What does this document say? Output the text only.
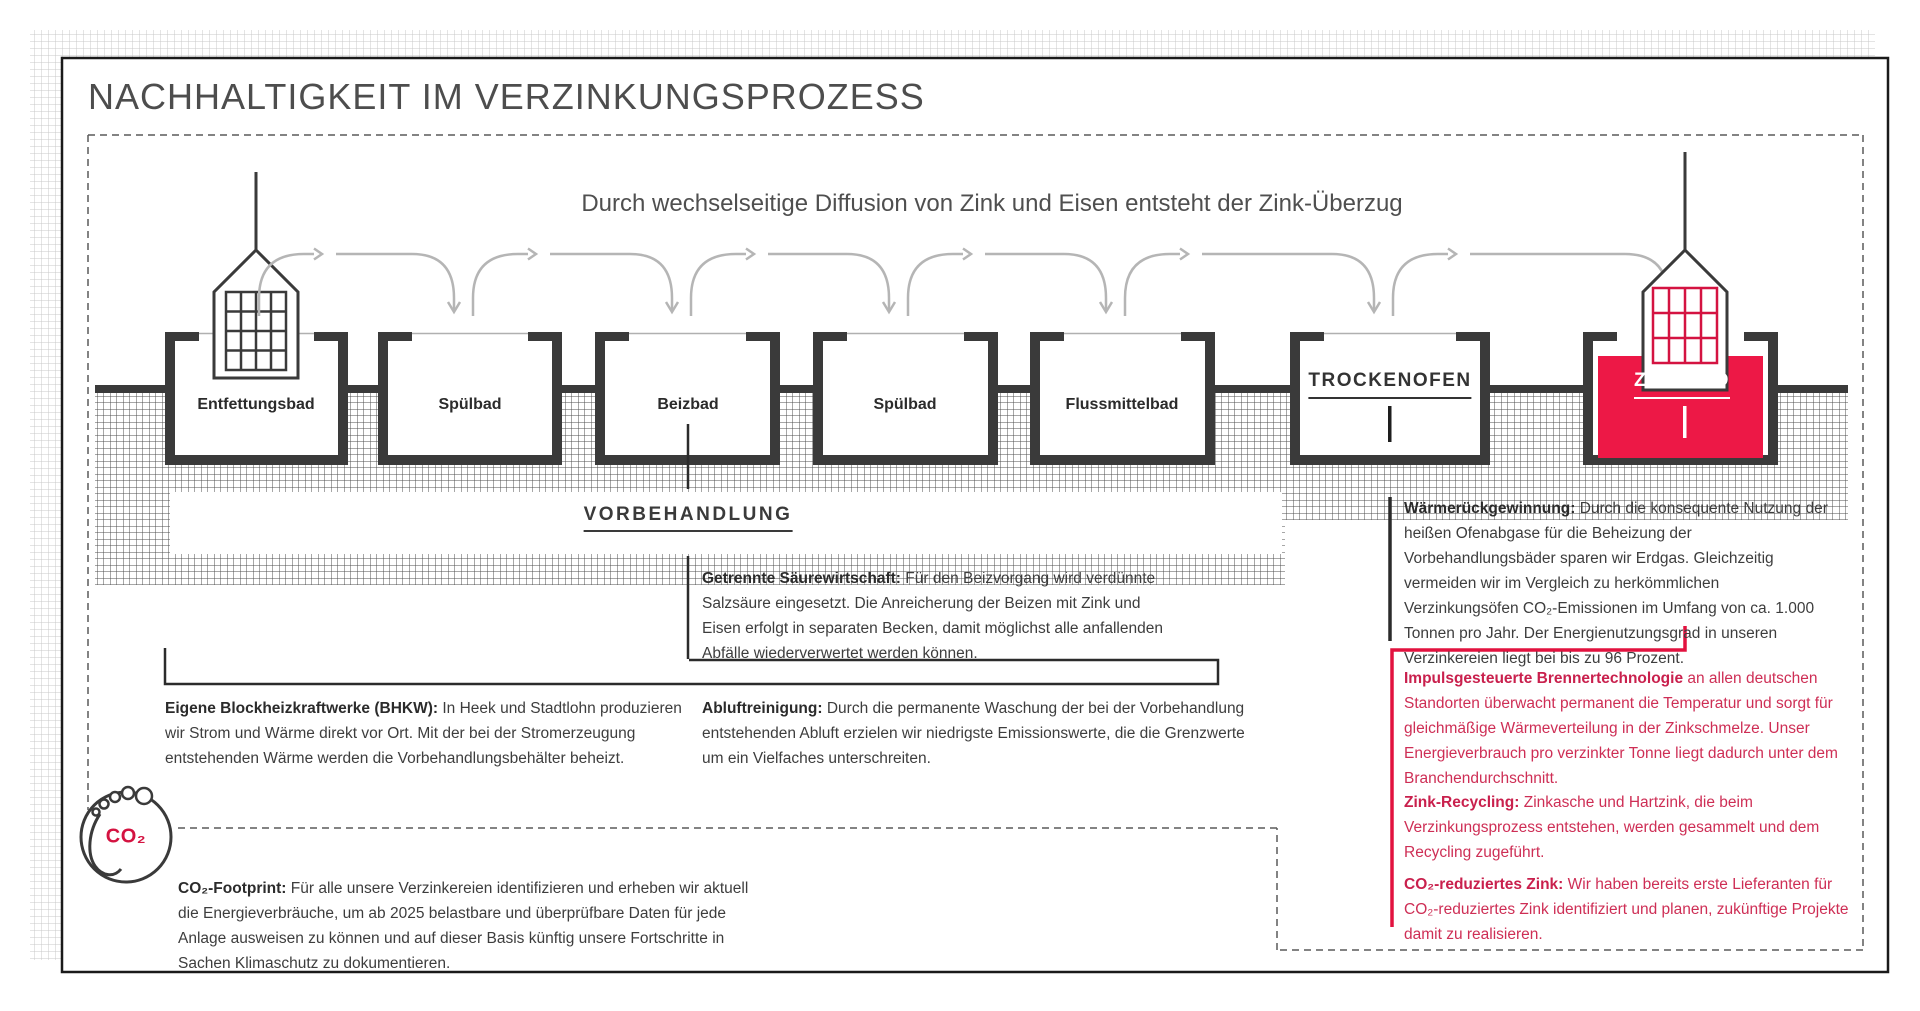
NACHHALTIGKEIT IM VERZINKUNGSPROZESS
Durch wechselseitige Diffusion von Zink und Eisen entsteht der Zink-Überzug
Entfettungsbad	Spülbad	Beizbad	Spülbad	Flussmittelbad
TROCKENOFEN	ZINKBAD
VORBEHANDLUNG
Getrennte Säurewirtschaft: Für den Beizvorgang wird verdünnte Salzsäure eingesetzt. Die Anreicherung der Beizen mit Zink und Eisen erfolgt in separaten Becken, damit möglichst alle anfallenden Abfälle wiederverwertet werden können.
Eigene Blockheizkraftwerke (BHKW): In Heek und Stadtlohn produzieren wir Strom und Wärme direkt vor Ort. Mit der bei der Stromerzeugung entstehenden Wärme werden die Vorbehandlungsbehälter beheizt.
Abluftreinigung: Durch die permanente Waschung der bei der Vorbehandlung entstehenden Abluft erzielen wir niedrigste Emissionswerte, die die Grenzwerte um ein Vielfaches unterschreiten.
Wärmerückgewinnung: Durch die konsequente Nutzung der heißen Ofenabgase für die Beheizung der Vorbehandlungsbäder sparen wir Erdgas. Gleichzeitig vermeiden wir im Vergleich zu herkömmlichen Verzinkungsöfen CO₂-Emissionen im Umfang von ca. 1.000 Tonnen pro Jahr. Der Energienutzungsgrad in unseren Verzinkereien liegt bei bis zu 96 Prozent.
Impulsgesteuerte Brennertechnologie an allen deutschen Standorten überwacht permanent die Temperatur und sorgt für gleichmäßige Wärmeverteilung in der Zinkschmelze. Unser Energieverbrauch pro verzinkter Tonne liegt dadurch unter dem Branchendurchschnitt.
Zink-Recycling: Zinkasche und Hartzink, die beim Verzinkungsprozess entstehen, werden gesammelt und dem Recycling zugeführt.
CO₂-reduziertes Zink: Wir haben bereits erste Lieferanten für CO₂-reduziertes Zink identifiziert und planen, zukünftige Projekte damit zu realisieren.
CO₂-Footprint: Für alle unsere Verzinkereien identifizieren und erheben wir aktuell die Energieverbräuche, um ab 2025 belastbare und überprüfbare Daten für jede Anlage ausweisen zu können und auf dieser Basis künftig unsere Fortschritte in Sachen Klimaschutz zu dokumentieren.
CO₂
